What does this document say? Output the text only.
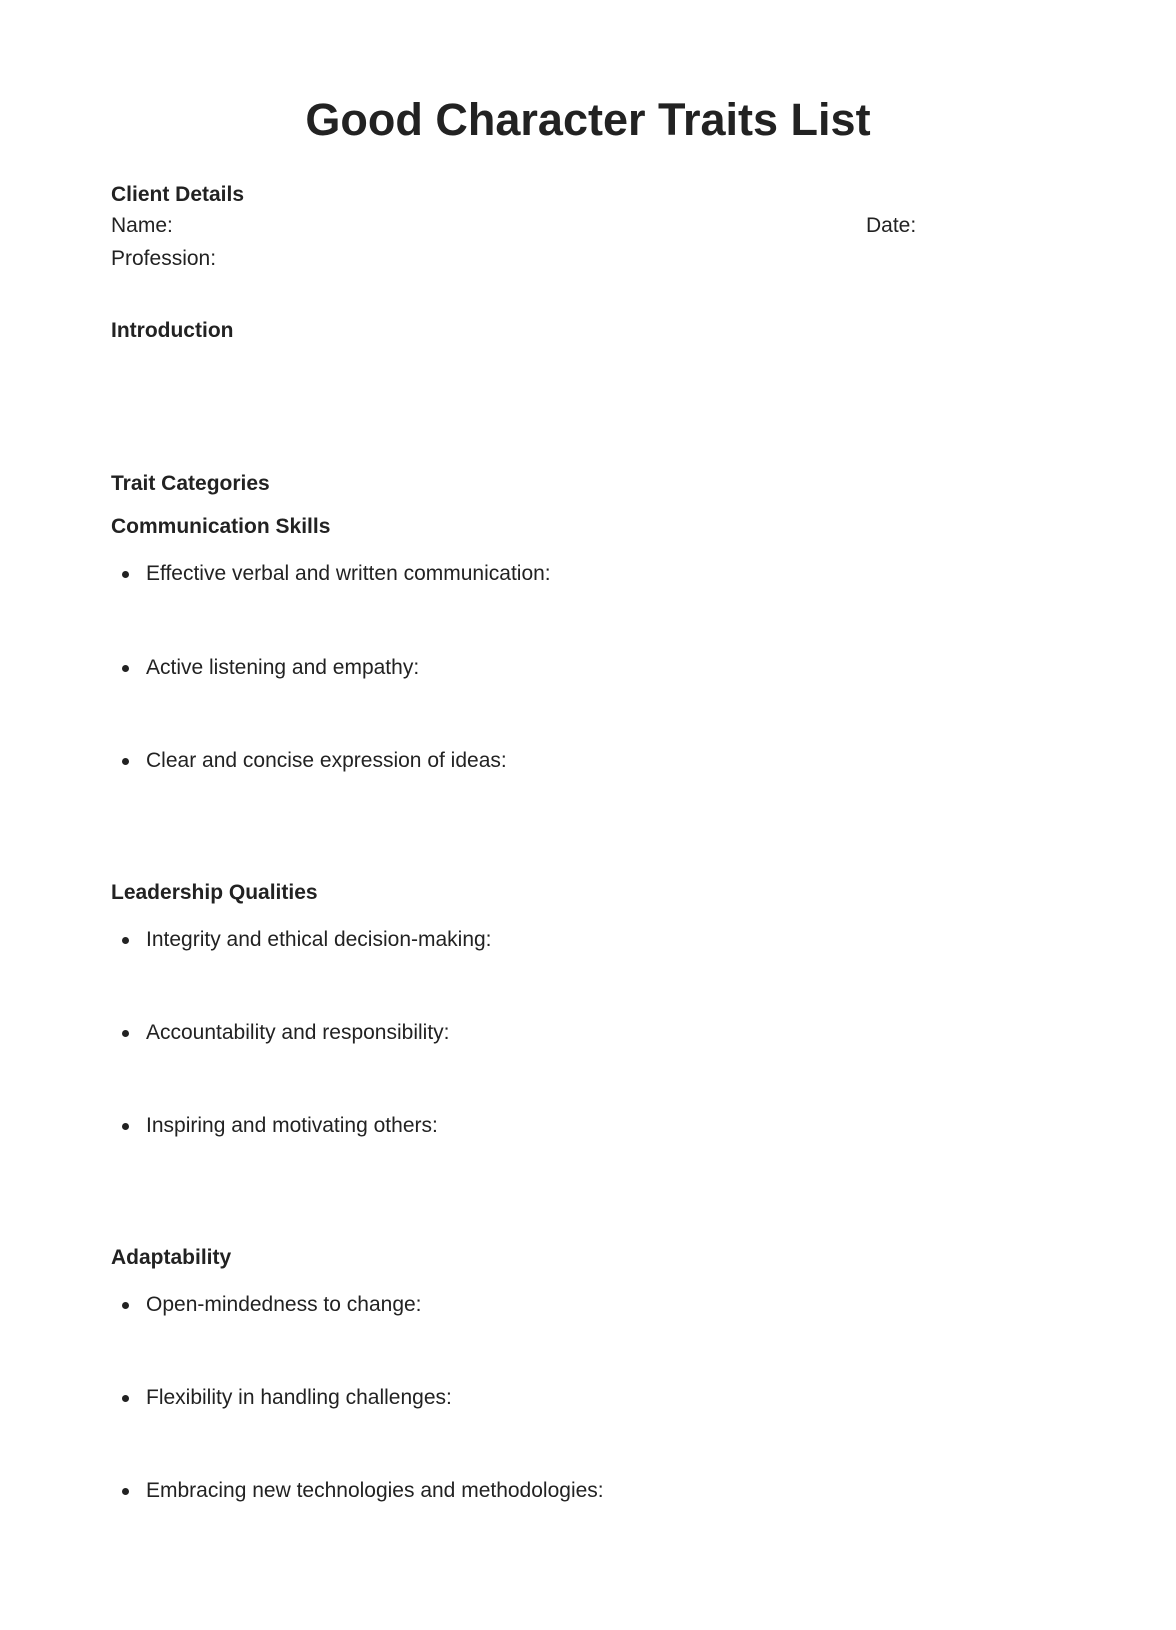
Good Character Traits List
Client Details
Name:	Date:
Profession:
Introduction
Trait Categories
Communication Skills
Effective verbal and written communication:
Active listening and empathy:
Clear and concise expression of ideas:
Leadership Qualities
Integrity and ethical decision-making:
Accountability and responsibility:
Inspiring and motivating others:
Adaptability
Open-mindedness to change:
Flexibility in handling challenges:
Embracing new technologies and methodologies:
